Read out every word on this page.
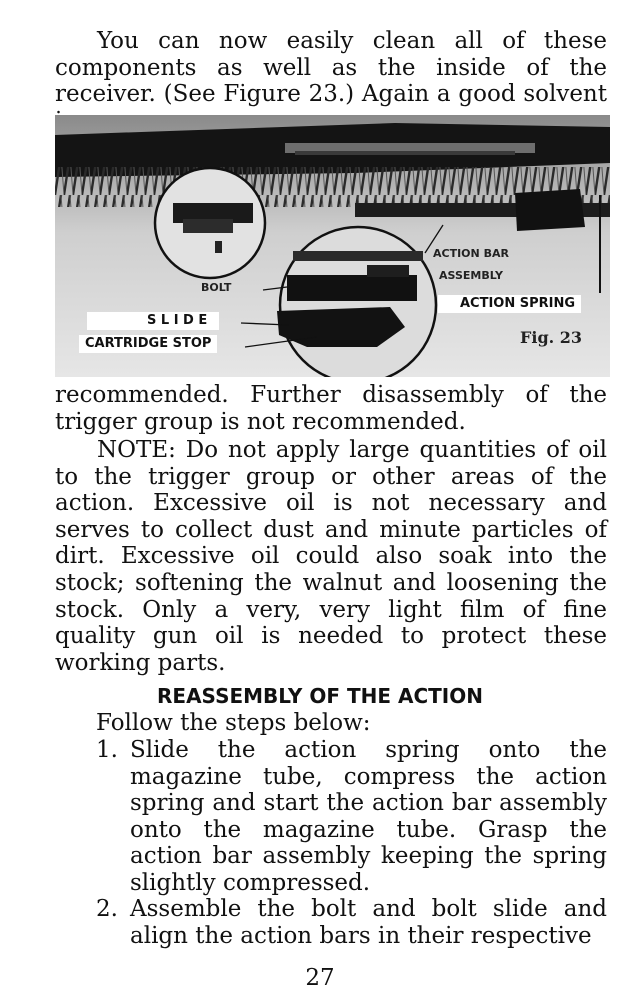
You can now easily clean all of these components as well as the inside of the receiver. (See Figure 23.) Again a good solvent

ACTION BAR
ASSEMBLY
BOLT
Fig. 23
ACTION SPRING
S L I D E
CARTRIDGE STOP

recommended. Further disassembly of the trigger group is not recommended.

NOTE: Do not apply large quantities of oil to the trigger group or other areas of the action. Excessive oil is not necessary and serves to collect dust and minute particles of dirt. Excessive oil could also soak into the stock; softening the walnut and loosening the stock. Only a very, very light film of fine quality gun oil is needed to protect these working parts.

REASSEMBLY OF THE ACTION

Follow the steps below:

1. Slide the action spring onto the magazine tube, compress the action spring and start the action bar assembly onto the magazine tube. Grasp the action bar assembly keeping the spring slightly compressed.
2. Assemble the bolt and bolt slide and align the action bars in their respective

27
